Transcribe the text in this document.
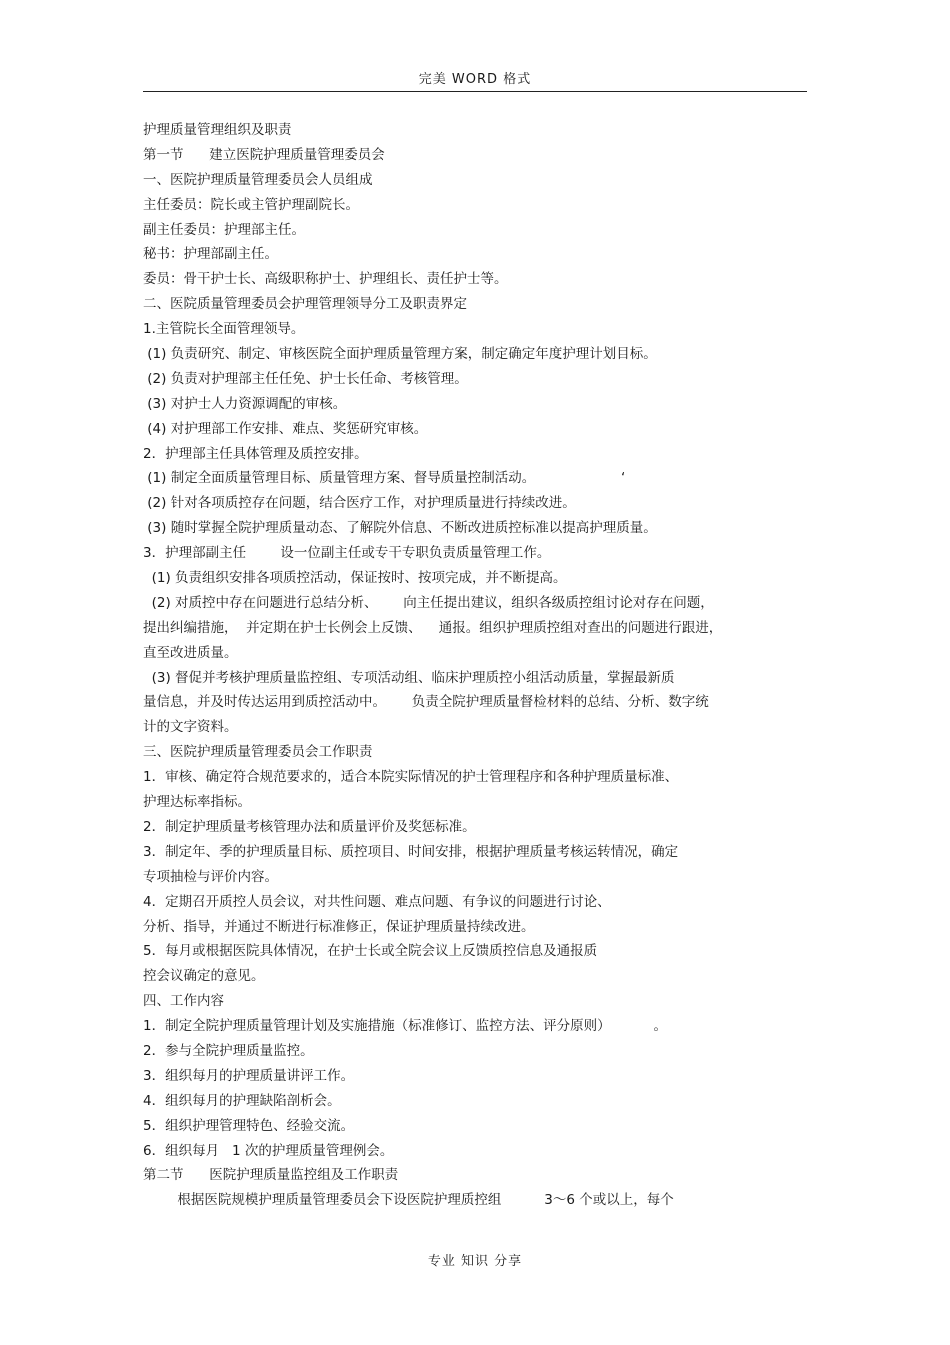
完美 WORD 格式
护理质量管理组织及职责
第一节      建立医院护理质量管理委员会
一、医院护理质量管理委员会人员组成
主任委员：院长或主管护理副院长。
副主任委员：护理部主任。
秘书：护理部副主任。
委员：骨干护士长、高级职称护士、护理组长、责任护士等。
二、医院质量管理委员会护理管理领导分工及职责界定
1.主管院长全面管理领导。
(1) 负责研究、制定、审核医院全面护理质量管理方案，制定确定年度护理计划目标。
(2) 负责对护理部主任任免、护士长任命、考核管理。
(3) 对护士人力资源调配的审核。
(4) 对护理部工作安排、难点、奖惩研究审核。
2．护理部主任具体管理及质控安排。
(1) 制定全面质量管理目标、质量管理方案、督导质量控制活动。                    ‘
(2) 针对各项质控存在问题，结合医疗工作，对护理质量进行持续改进。
(3) 随时掌握全院护理质量动态、了解院外信息、不断改进质控标准以提高护理质量。
3．护理部副主任        设一位副主任或专干专职负责质量管理工作。
(1) 负责组织安排各项质控活动，保证按时、按项完成，并不断提高。
(2) 对质控中存在问题进行总结分析、      向主任提出建议，组织各级质控组讨论对存在问题，
提出纠编措施，  并定期在护士长例会上反馈、    通报。组织护理质控组对查出的问题进行跟进，
直至改进质量。
(3) 督促并考核护理质量监控组、专项活动组、临床护理质控小组活动质量，掌握最新质
量信息，并及时传达运用到质控活动中。      负责全院护理质量督检材料的总结、分析、数字统
计的文字资料。
三、医院护理质量管理委员会工作职责
1．审核、确定符合规范要求的，适合本院实际情况的护士管理程序和各种护理质量标准、
护理达标率指标。
2．制定护理质量考核管理办法和质量评价及奖惩标准。
3．制定年、季的护理质量目标、质控项目、时间安排，根据护理质量考核运转情况，确定
专项抽检与评价内容。
4．定期召开质控人员会议，对共性问题、难点问题、有争议的问题进行讨论、
分析、指导，并通过不断进行标准修正，保证护理质量持续改进。
5．每月或根据医院具体情况，在护士长或全院会议上反馈质控信息及通报质
控会议确定的意见。
四、工作内容
1．制定全院护理质量管理计划及实施措施（标准修订、监控方法、评分原则）          。
2．参与全院护理质量监控。
3．组织每月的护理质量讲评工作。
4．组织每月的护理缺陷剖析会。
5．组织护理管理特色、经验交流。
6．组织每月   1 次的护理质量管理例会。
第二节      医院护理质量监控组及工作职责
根据医院规模护理质量管理委员会下设医院护理质控组          3～6 个或以上，每个
专业 知识 分享
